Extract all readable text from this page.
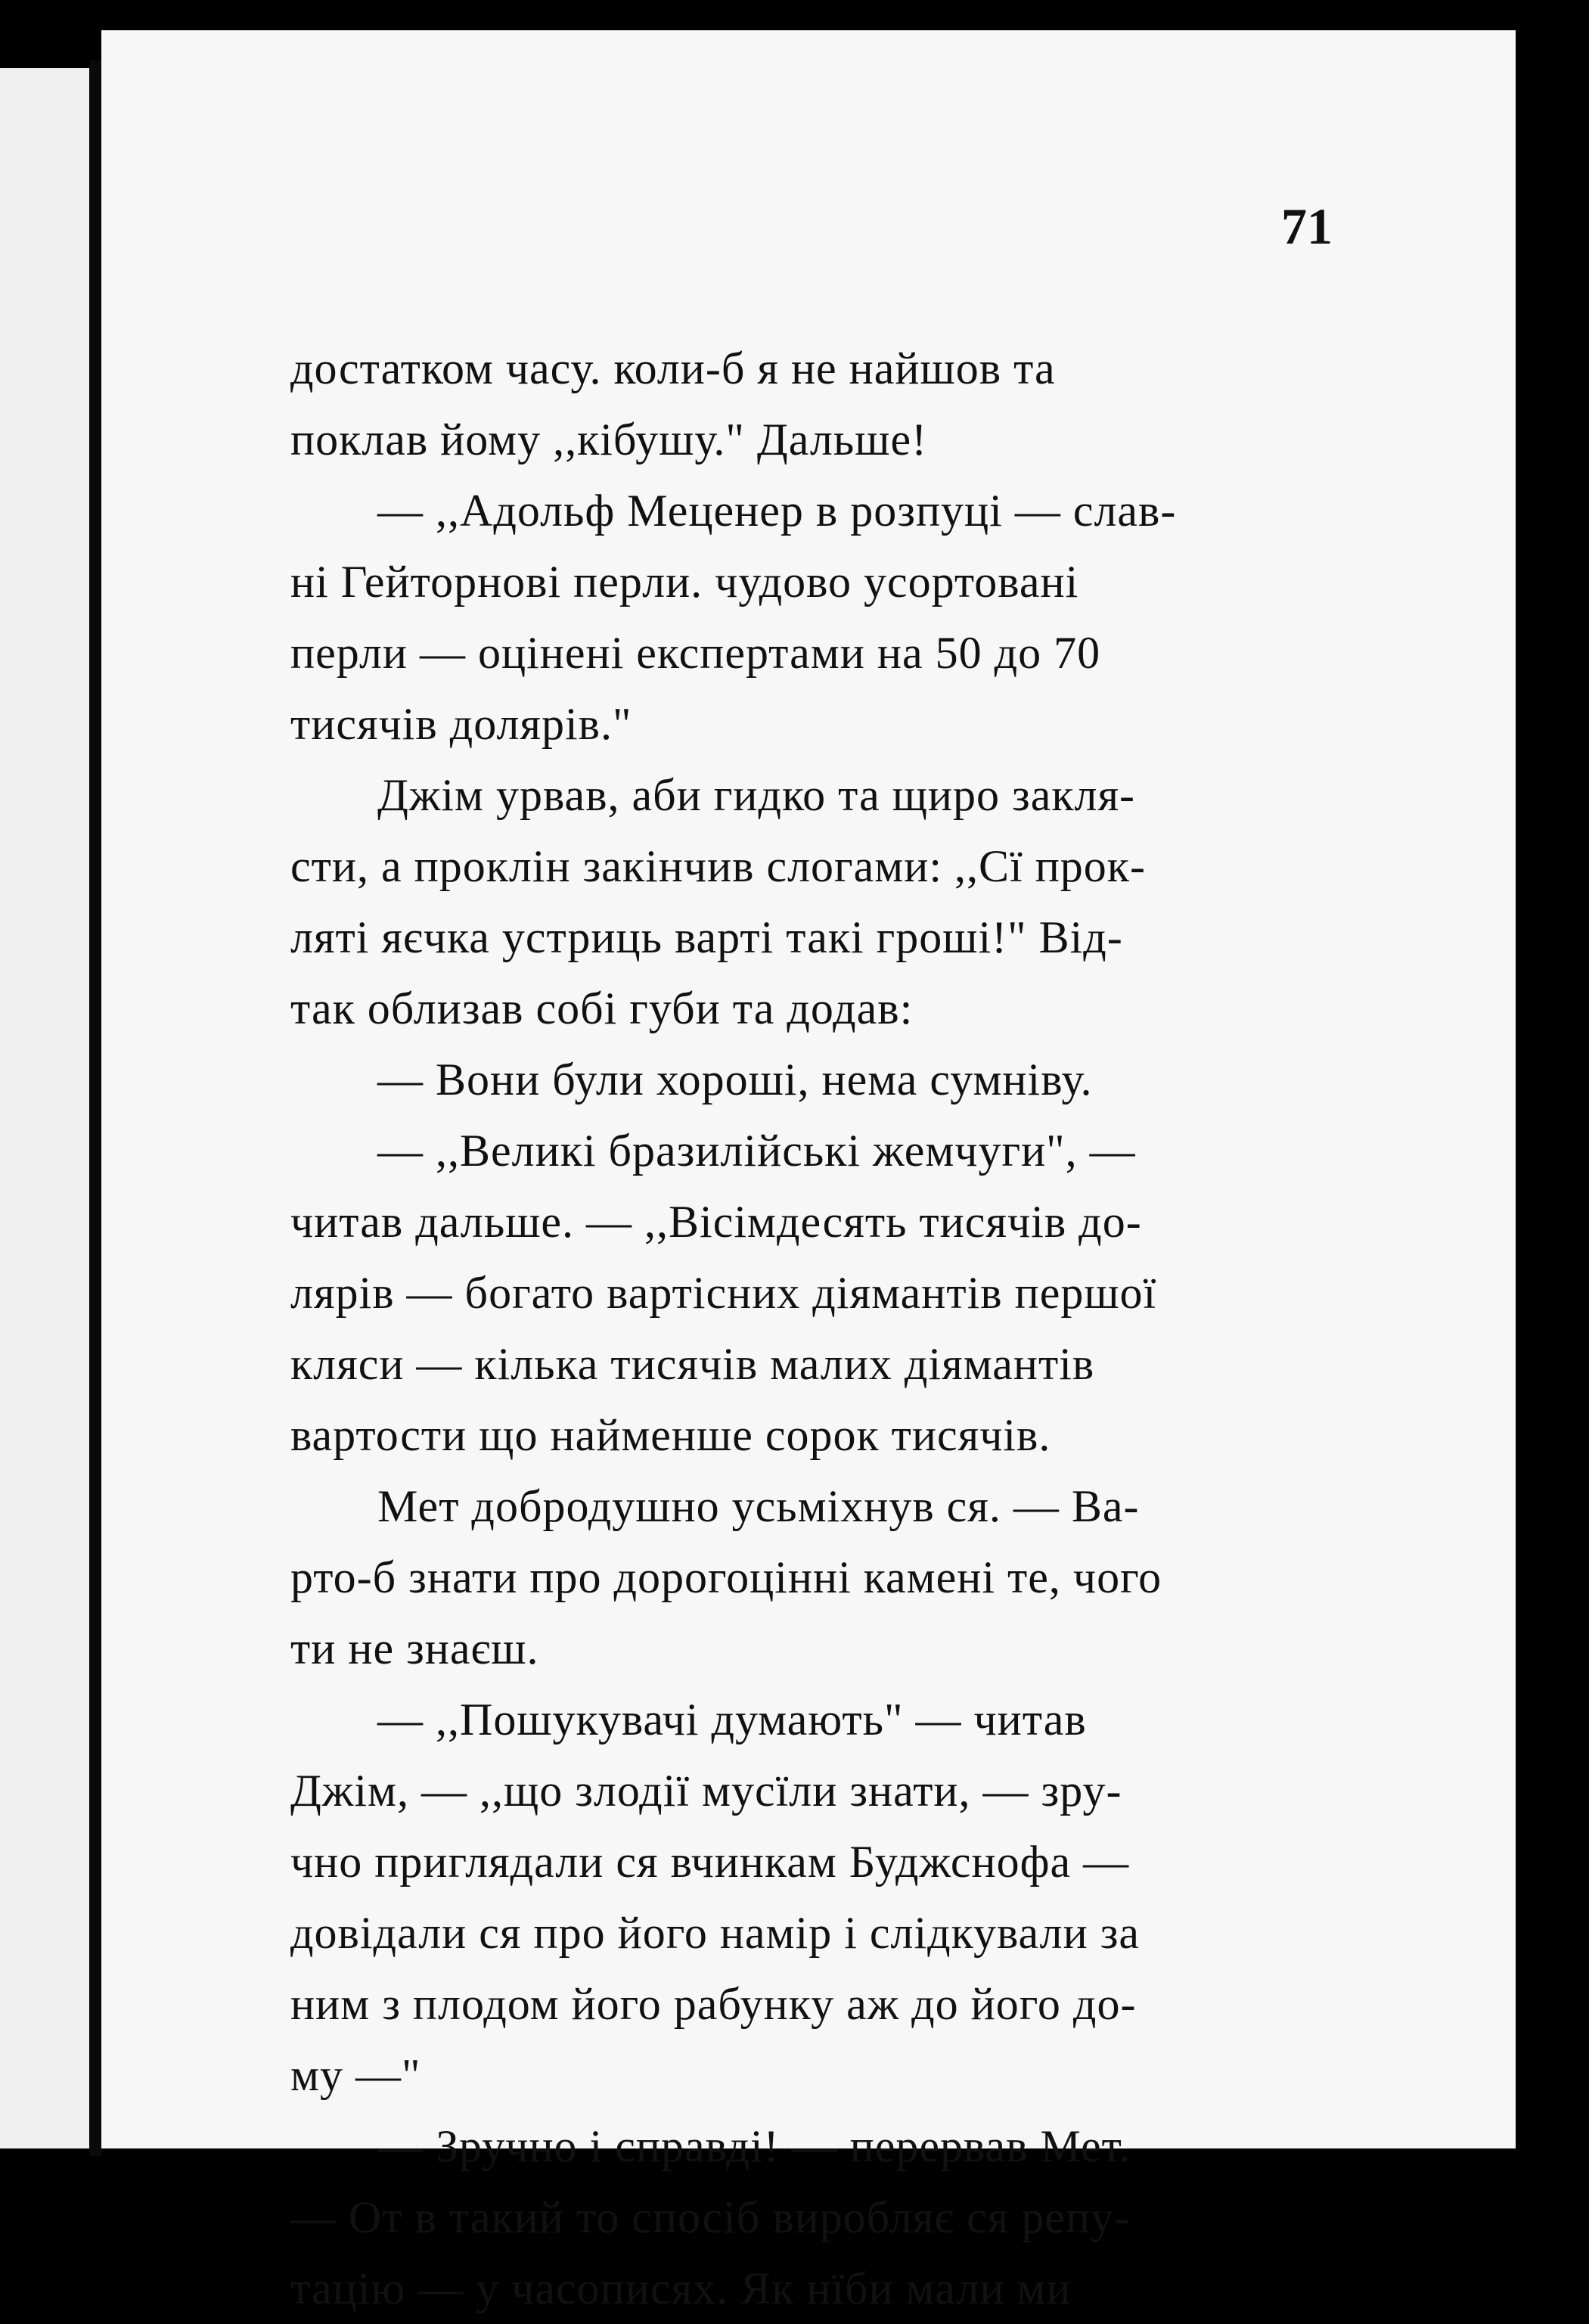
71
достатком часу. коли-б я не найшов та
поклав йому ,,кібушу." Дальше!
— ,,Адольф Меценер в розпуці — слав-
ні Гейторнові перли. чудово усортовані
перли — оцінені експертами на 50 до 70
тисячів долярів."
Джім урвав, аби гидко та щиро закля-
сти, а проклін закінчив слогами: ,,Сї прок-
ляті яєчка устриць варті такі гроші!" Від-
так облизав собі губи та додав:
— Вони були хороші, нема сумніву.
— ,,Великі бразилійські жемчуги", —
читав дальше. — ,,Вісімдесять тисячів до-
лярів — богато вартісних діямантів першої
кляси — кілька тисячів малих діямантів
вартости що найменше сорок тисячів.
Мет добродушно усьміхнув ся. — Ва-
рто-б знати про дорогоцінні камені те, чого
ти не знаєш.
— ,,Пошукувачі думають" — читав
Джім, — ,,що злодії мусїли знати, — зру-
чно приглядали ся вчинкам Буджснофа —
довідали ся про його намір і слідкували за
ним з плодом його рабунку аж до його до-
му —"
— Зручно і справді! — перервав Мет.
— От в такий то спосіб виробляє ся репу-
тацію — у часописях. Як нїби мали ми
